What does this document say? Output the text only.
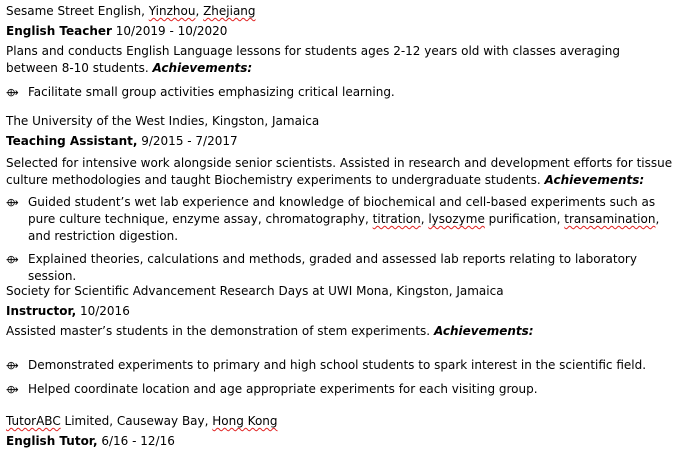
Sesame Street English, Yinzhou, Zhejiang
English Teacher 10/2019 - 10/2020
Plans and conducts English Language lessons for students ages 2-12 years old with classes averaging between 8-10 students. Achievements:
⟴ Facilitate small group activities emphasizing critical learning.
The University of the West Indies, Kingston, Jamaica
Teaching Assistant, 9/2015 - 7/2017
Selected for intensive work alongside senior scientists. Assisted in research and development efforts for tissue culture methodologies and taught Biochemistry experiments to undergraduate students. Achievements:
⟴ Guided student’s wet lab experience and knowledge of biochemical and cell-based experiments such as pure culture technique, enzyme assay, chromatography, titration, lysozyme purification, transamination, and restriction digestion.
⟴ Explained theories, calculations and methods, graded and assessed lab reports relating to laboratory session.
Society for Scientific Advancement Research Days at UWI Mona, Kingston, Jamaica
Instructor, 10/2016
Assisted master’s students in the demonstration of stem experiments. Achievements:
⟴ Demonstrated experiments to primary and high school students to spark interest in the scientific field.
⟴ Helped coordinate location and age appropriate experiments for each visiting group.
TutorABC Limited, Causeway Bay, Hong Kong
English Tutor, 6/16 - 12/16
